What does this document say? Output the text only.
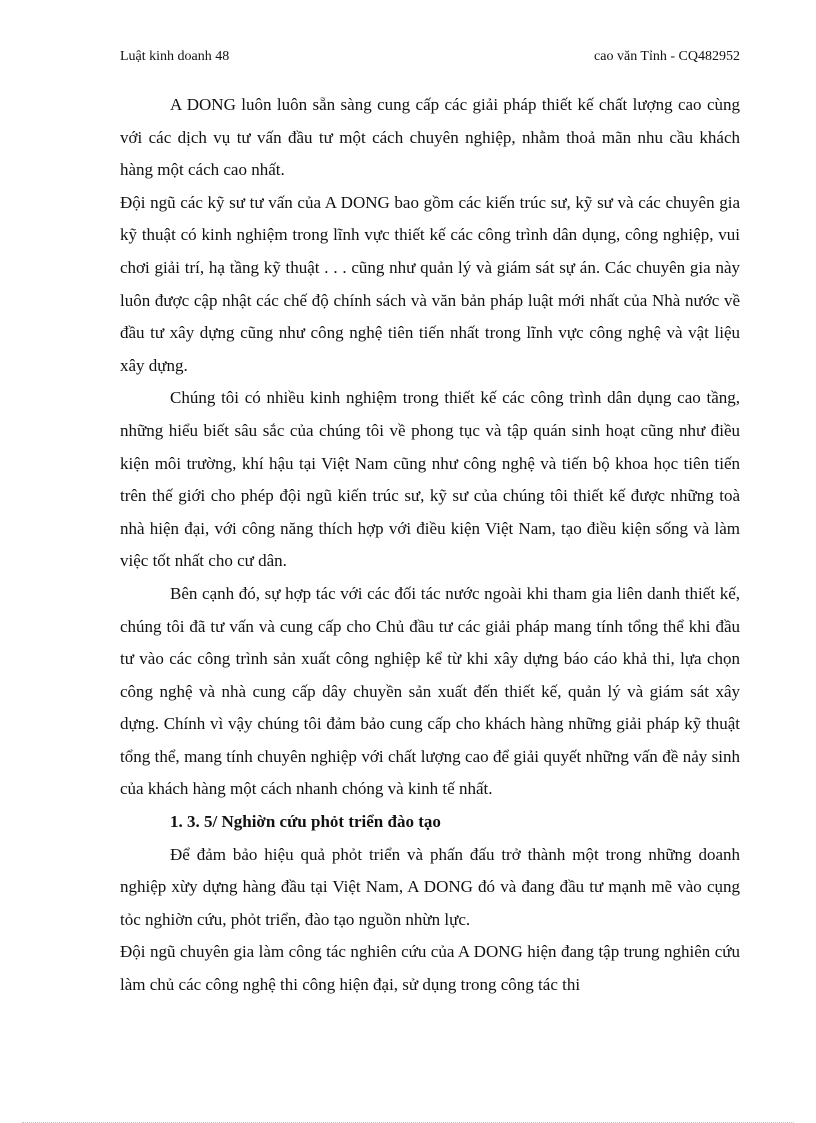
Luật kinh doanh 48	cao văn Tỉnh - CQ482952

A DONG luôn luôn sẵn sàng cung cấp các giải pháp thiết kế chất lượng cao cùng với các dịch vụ tư vấn đầu tư một cách chuyên nghiệp, nhằm thoả mãn nhu cầu khách hàng một cách cao nhất.

Đội ngũ các kỹ sư tư vấn của A DONG bao gồm các kiến trúc sư, kỹ sư và các chuyên gia kỹ thuật có kinh nghiệm trong lĩnh vực thiết kế các công trình dân dụng, công nghiệp, vui chơi giải trí, hạ tầng kỹ thuật . . . cũng như quản lý và giám sát sự án. Các chuyên gia này luôn được cập nhật các chế độ chính sách và văn bản pháp luật mới nhất của Nhà nước về đầu tư xây dựng cũng như công nghệ tiên tiến nhất trong lĩnh vực công nghệ và vật liệu xây dựng.

Chúng tôi có nhiều kinh nghiệm trong thiết kế các công trình dân dụng cao tầng, những hiểu biết sâu sắc của chúng tôi về phong tục và tập quán sinh hoạt cũng như điều kiện môi trường, khí hậu tại Việt Nam cũng như công nghệ và tiến bộ khoa học tiên tiến trên thế giới cho phép đội ngũ kiến trúc sư, kỹ sư của chúng tôi thiết kế được những toà nhà hiện đại, với công năng thích hợp với điều kiện Việt Nam, tạo điều kiện sống và làm việc tốt nhất cho cư dân.

Bên cạnh đó, sự hợp tác với các đối tác nước ngoài khi tham gia liên danh thiết kế, chúng tôi đã tư vấn và cung cấp cho Chủ đầu tư các giải pháp mang tính tổng thể khi đầu tư vào các công trình sản xuất công nghiệp kể từ khi xây dựng báo cáo khả thi, lựa chọn công nghệ và nhà cung cấp dây chuyền sản xuất đến thiết kế, quản lý và giám sát xây dựng. Chính vì vậy chúng tôi đảm bảo cung cấp cho khách hàng những giải pháp kỹ thuật tổng thể, mang tính chuyên nghiệp với chất lượng cao để giải quyết những vấn đề nảy sinh của khách hàng một cách nhanh chóng và kinh tế nhất.

1. 3. 5/ Nghiờn cứu phỏt triển đào tạo

Để đảm bảo hiệu quả phỏt triển và phấn đấu trở thành một trong những doanh nghiệp xừy dựng hàng đầu tại Việt Nam, A DONG đó và đang đầu tư mạnh mẽ vào cụng tỏc nghiờn cứu, phỏt triển, đào tạo nguồn nhừn lực.

Đội ngũ chuyên gia làm công tác nghiên cứu của A DONG hiện đang tập trung nghiên cứu làm chủ các công nghệ thi công hiện đại, sử dụng trong công tác thi
